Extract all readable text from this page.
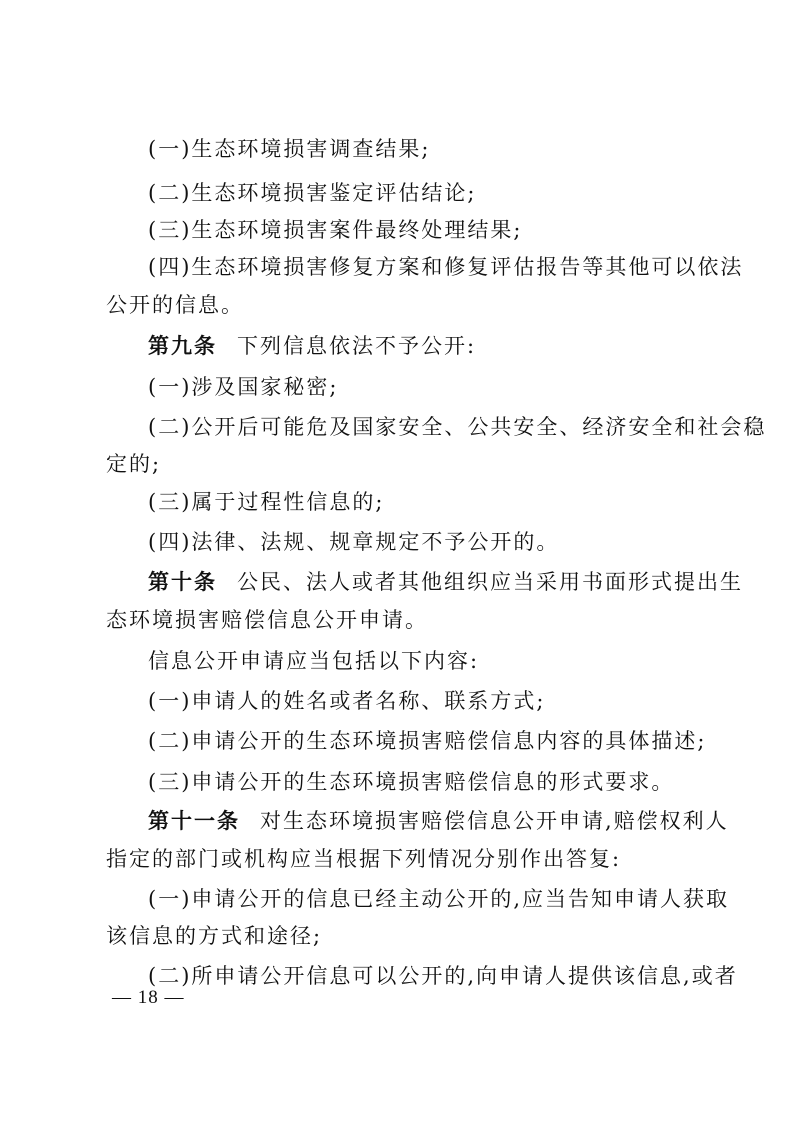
(一)生态环境损害调查结果;
(二)生态环境损害鉴定评估结论;
(三)生态环境损害案件最终处理结果;
(四)生态环境损害修复方案和修复评估报告等其他可以依法
公开的信息。
第九条 下列信息依法不予公开:
(一)涉及国家秘密;
(二)公开后可能危及国家安全、公共安全、经济安全和社会稳
定的;
(三)属于过程性信息的;
(四)法律、法规、规章规定不予公开的。
第十条 公民、法人或者其他组织应当采用书面形式提出生
态环境损害赔偿信息公开申请。
信息公开申请应当包括以下内容:
(一)申请人的姓名或者名称、联系方式;
(二)申请公开的生态环境损害赔偿信息内容的具体描述;
(三)申请公开的生态环境损害赔偿信息的形式要求。
第十一条 对生态环境损害赔偿信息公开申请,赔偿权利人
指定的部门或机构应当根据下列情况分别作出答复:
(一)申请公开的信息已经主动公开的,应当告知申请人获取
该信息的方式和途径;
(二)所申请公开信息可以公开的,向申请人提供该信息,或者
— 18 —
